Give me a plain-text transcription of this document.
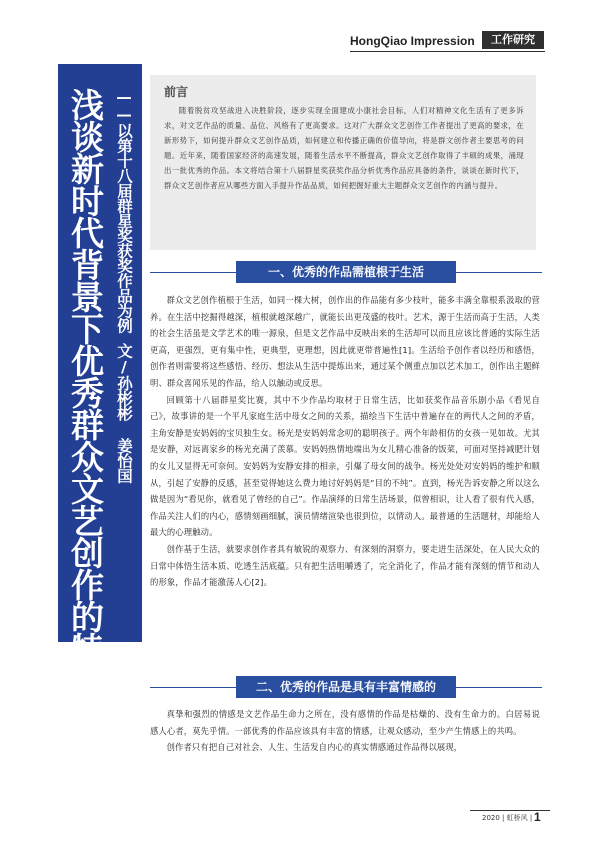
HongQiao Impression	工作研究
浅谈新时代背景下优秀群众文艺创作的特点 ——以第十八届群星奖获奖作品为例文/孙彬彬 姜怡国
前言
随着脱贫攻坚战进入决胜阶段，逐步实现全面建成小康社会目标，人们对精神文化生活有了更多诉求，对文艺作品的质量、品位、风格有了更高要求。这对广大群众文艺创作工作者提出了更高的要求，在新形势下，如何提升群众文艺创作品质，如何建立和传播正确的价值导向，将是群文创作者主要思考的问题。近年来，随着国家经济的高速发展，随着生活水平不断提高，群众文艺创作取得了丰硕的成果，涌现出一批优秀的作品。本文将结合第十八届群星奖获奖作品分析优秀作品应具备的条件，谈谈在新时代下，群众文艺创作者应从哪些方面入手提升作品品质，如何把握好重大主题群众文艺创作的内涵与提升。
一、优秀的作品需植根于生活

群众文艺创作植根于生活，如同一棵大树，创作出的作品能有多少枝叶，能多丰满全靠根系汲取的营养。在生活中挖掘得越深，植根就越深越广，就能长出更茂盛的枝叶。艺术，源于生活而高于生活，人类的社会生活虽是文学艺术的唯一源泉，但是文艺作品中反映出来的生活却可以而且应该比普通的实际生活更高，更强烈，更有集中性，更典型，更理想，因此就更带普遍性[1]。生活给予创作者以经历和感悟，创作者则需要将这些感悟、经历、想法从生活中提炼出来，通过某个侧重点加以艺术加工，创作出主题鲜明、群众喜闻乐见的作品，给人以触动或反思。

回顾第十八届群星奖比赛，其中不少作品均取材于日常生活，比如获奖作品音乐剧小品《看见自己》，故事讲的是一个平凡家庭生活中母女之间的关系，描绘当下生活中普遍存在的两代人之间的矛盾，主角安静是安妈妈的宝贝独生女。杨光是安妈妈常念叨的聪明孩子。两个年龄相仿的女孩一见如故。尤其是安静，对远离家乡的杨光充满了羡慕。安妈妈热情地端出为女儿精心准备的饭菜，可面对坚持减肥计划的女儿又显得无可奈何。安妈妈为安静安排的相亲，引爆了母女间的战争。杨光处处对安妈妈的维护和顺从，引起了安静的反感，甚至觉得她这么费力地讨好妈妈是“目的不纯”。直到，杨光告诉安静之所以这么做是因为“看见你，就看见了曾经的自己”。作品演绎的日常生活场景，似曾相识，让人看了很有代入感，作品关注人们的内心，感情刻画细腻，演员情绪渲染也很到位，以情动人。最普通的生活题材，却能给人最大的心理触动。

创作基于生活，就要求创作者具有敏锐的观察力、有深刻的洞察力，要走进生活深处，在人民大众的日常中体悟生活本质、吃透生活底蕴。只有把生活咀嚼透了，完全消化了，作品才能有深刻的情节和动人的形象，作品才能激荡人心[2]。

二、优秀的作品是具有丰富情感的

真挚和强烈的情感是文艺作品生命力之所在，没有感情的作品是枯燥的、没有生命力的。白居易说 感人心者，莫先乎情。一部优秀的作品应该具有丰富的情感，让观众感动，至少产生情感上的共鸣。

创作者只有把自己对社会、人生、生活发自内心的真实情感通过作品得以展现，

2020 | 虹桥风 | 1
